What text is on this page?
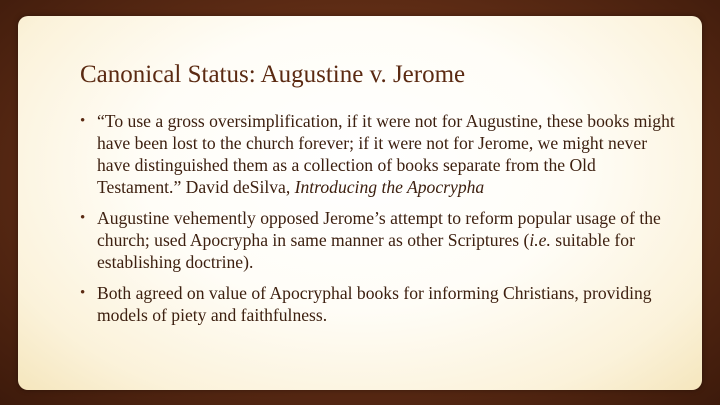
Canonical Status: Augustine v. Jerome
• “To use a gross oversimplification, if it were not for Augustine, these books might have been lost to the church forever; if it were not for Jerome, we might never have distinguished them as a collection of books separate from the Old Testament.” David deSilva, Introducing the Apocrypha
• Augustine vehemently opposed Jerome’s attempt to reform popular usage of the church; used Apocrypha in same manner as other Scriptures (i.e. suitable for establishing doctrine).
• Both agreed on value of Apocryphal books for informing Christians, providing models of piety and faithfulness.
